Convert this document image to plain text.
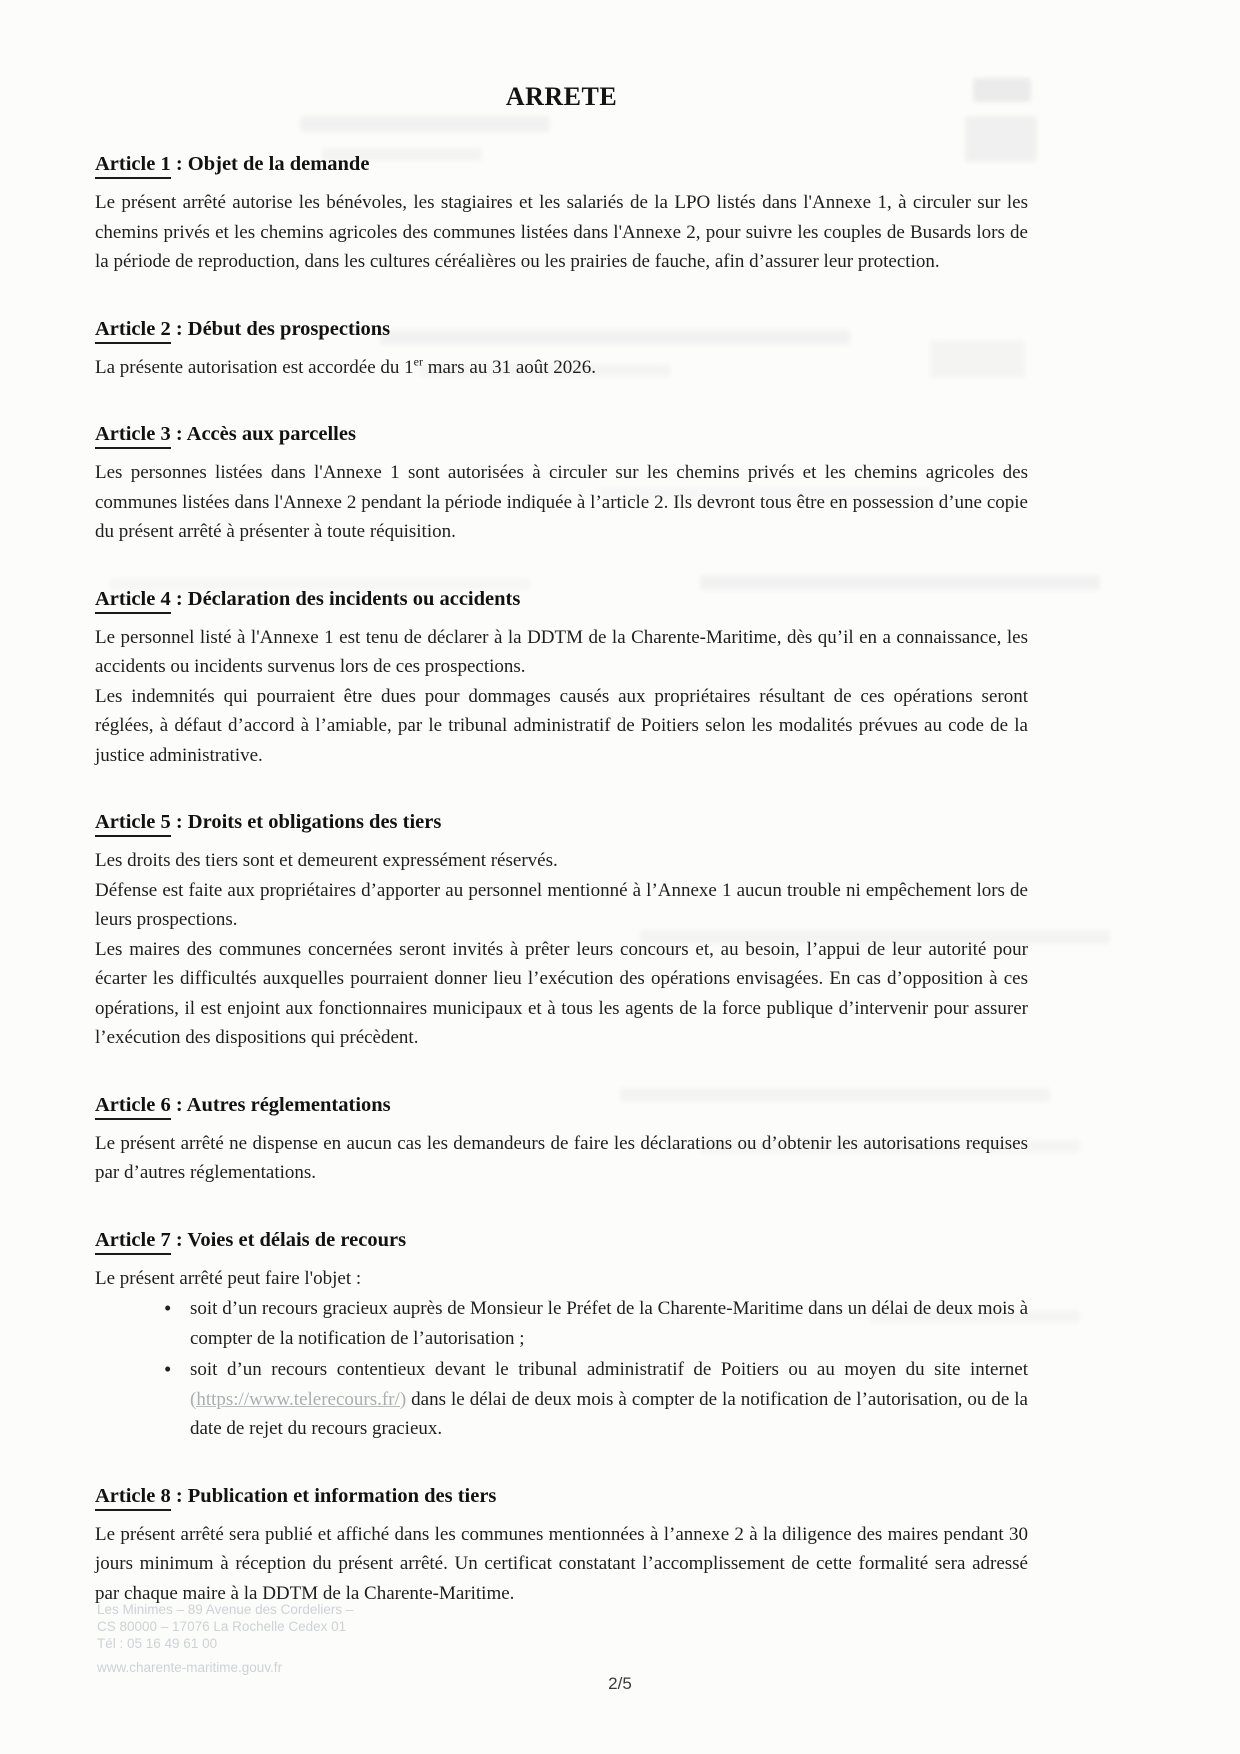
ARRETE
Article 1 : Objet de la demande

Le présent arrêté autorise les bénévoles, les stagiaires et les salariés de la LPO listés dans l'Annexe 1, à circuler sur les chemins privés et les chemins agricoles des communes listées dans l'Annexe 2, pour suivre les couples de Busards lors de la période de reproduction, dans les cultures céréalières ou les prairies de fauche, afin d’assurer leur protection.

Article 2 : Début des prospections

La présente autorisation est accordée du 1er mars au 31 août 2026.

Article 3 : Accès aux parcelles

Les personnes listées dans l'Annexe 1 sont autorisées à circuler sur les chemins privés et les chemins agricoles des communes listées dans l'Annexe 2 pendant la période indiquée à l’article 2. Ils devront tous être en possession d’une copie du présent arrêté à présenter à toute réquisition.

Article 4 : Déclaration des incidents ou accidents

Le personnel listé à l'Annexe 1 est tenu de déclarer à la DDTM de la Charente-Maritime, dès qu’il en a connaissance, les accidents ou incidents survenus lors de ces prospections.

Les indemnités qui pourraient être dues pour dommages causés aux propriétaires résultant de ces opérations seront réglées, à défaut d’accord à l’amiable, par le tribunal administratif de Poitiers selon les modalités prévues au code de la justice administrative.

Article 5 : Droits et obligations des tiers

Les droits des tiers sont et demeurent expressément réservés.

Défense est faite aux propriétaires d’apporter au personnel mentionné à l’Annexe 1 aucun trouble ni empêchement lors de leurs prospections.

Les maires des communes concernées seront invités à prêter leurs concours et, au besoin, l’appui de leur autorité pour écarter les difficultés auxquelles pourraient donner lieu l’exécution des opérations envisagées. En cas d’opposition à ces opérations, il est enjoint aux fonctionnaires municipaux et à tous les agents de la force publique d’intervenir pour assurer l’exécution des dispositions qui précèdent.

Article 6 : Autres réglementations

Le présent arrêté ne dispense en aucun cas les demandeurs de faire les déclarations ou d’obtenir les autorisations requises par d’autres réglementations.

Article 7 : Voies et délais de recours

Le présent arrêté peut faire l'objet :

• soit d’un recours gracieux auprès de Monsieur le Préfet de la Charente-Maritime dans un délai de deux mois à compter de la notification de l’autorisation ;
• soit d’un recours contentieux devant le tribunal administratif de Poitiers ou au moyen du site internet (https://www.telerecours.fr/) dans le délai de deux mois à compter de la notification de l’autorisation, ou de la date de rejet du recours gracieux.
Article 8 : Publication et information des tiers

Le présent arrêté sera publié et affiché dans les communes mentionnées à l’annexe 2 à la diligence des maires pendant 30 jours minimum à réception du présent arrêté. Un certificat constatant l’accomplissement de cette formalité sera adressé par chaque maire à la DDTM de la Charente-Maritime.

Les Minimes – 89 Avenue des Cordeliers –
CS 80000 – 17076 La Rochelle Cedex 01
Tél : 05 16 49 61 00
www.charente-maritime.gouv.fr
2/5
